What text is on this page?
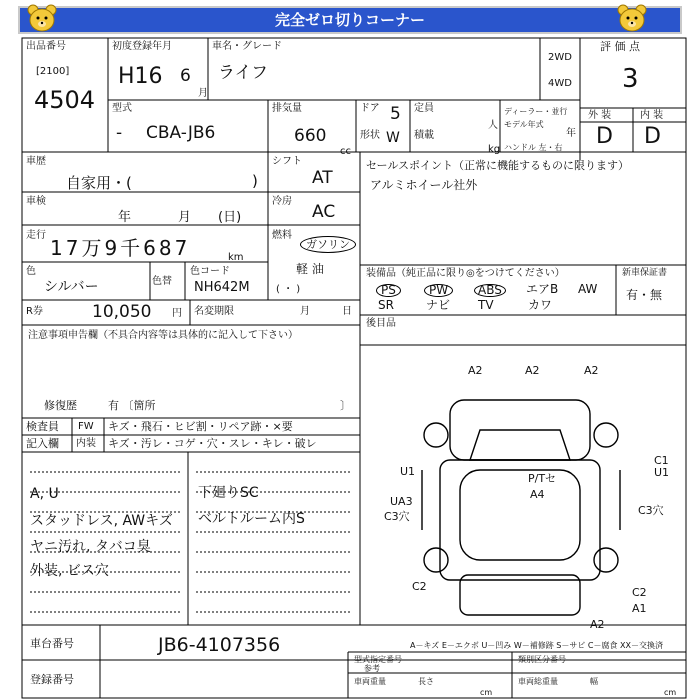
完全ゼロ切りコーナー
出品番号
[2100]
4504
初度登録年月
H16 6
月
車名・グレード
ライフ
2WD
4WD
評 価 点
3
型式
- CBA-JB6
排気量
660
cc
ドア 5
形状 W
定員
人
積載
kg
ディーラー・並行
モデル年式
年
ハンドル 左・右
外 装	内 装
D D
車歴
自家用・(	)
シフト
AT
車検
年	月 (日)
冷房
AC
走行
17万9千687	km
燃料
ガソリン
軽 油
( ・ )
色
シルバー	色替
色コード
NH642M
セールスポイント（正常に機能するものに限ります）
アルミホイール社外
装備品（純正品に限り◎をつけてください）
PS	PW	ABS	エアB AW
SR	ナビ TV	カワ
新車保証書
有・無
R券	10,050 円 名変期限	月	日
後目品
注意事項申告欄（不具合内容等は具体的に記入して下さい）
修復歴	有 〔箇所	〕
検査員 FW キズ・飛石・ヒビ割・リペア跡・×要
記入欄 内装 キズ・汚レ・コゲ・穴・スレ・キレ・破レ
A, U
スタッドレス, AWキズ
ヤニ汚れ, タバコ臭
外装, ビス穴
下廻りSC
ベルトルーム内S
A2	A2	A2
U1
C1
U1
UA3
C3穴	C3穴
P/Tセ
A4
C2	C2
A1
A2
A－キズ E－エクボ U－凹み W－補修跡 S－サビ C－腐食 XX－交換済
車台番号	JB6-4107356
登録番号
型式指定番号
参考
類別区分番号
車両重量	長さ
cm
車両総重量	幅
cm
